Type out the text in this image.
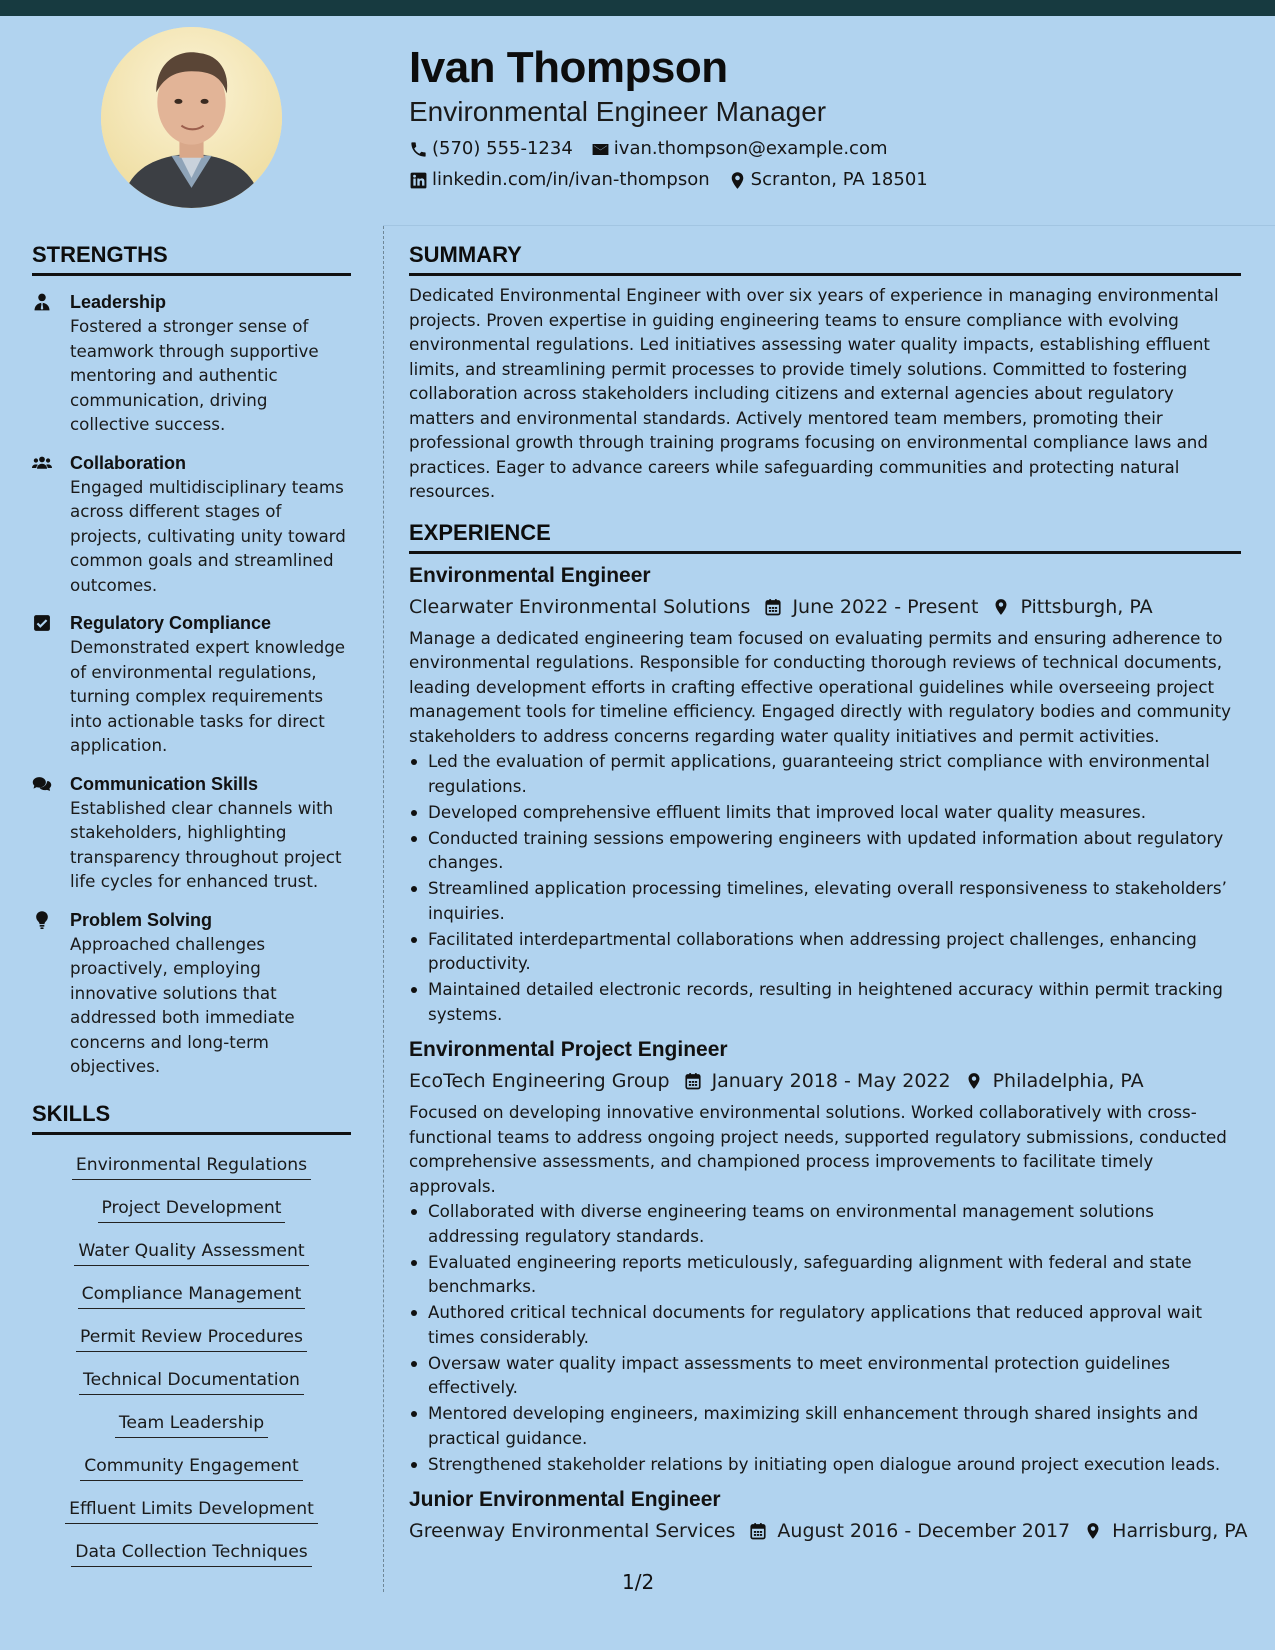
Ivan Thompson
Environmental Engineer Manager
(570) 555-1234 ivan.thompson@example.com
linkedin.com/in/ivan-thompson Scranton, PA 18501
STRENGTHS
Leadership
Fostered a stronger sense of teamwork through supportive mentoring and authentic communication, driving collective success.
Collaboration
Engaged multidisciplinary teams across different stages of projects, cultivating unity toward common goals and streamlined outcomes.
Regulatory Compliance
Demonstrated expert knowledge of environmental regulations, turning complex requirements into actionable tasks for direct application.
Communication Skills
Established clear channels with stakeholders, highlighting transparency throughout project life cycles for enhanced trust.
Problem Solving
Approached challenges proactively, employing innovative solutions that addressed both immediate concerns and long-term objectives.
SKILLS
Environmental Regulations
Project Development
Water Quality Assessment
Compliance Management
Permit Review Procedures
Technical Documentation
Team Leadership
Community Engagement
Effluent Limits Development
Data Collection Techniques
SUMMARY
Dedicated Environmental Engineer with over six years of experience in managing environmental projects. Proven expertise in guiding engineering teams to ensure compliance with evolving environmental regulations. Led initiatives assessing water quality impacts, establishing effluent limits, and streamlining permit processes to provide timely solutions. Committed to fostering collaboration across stakeholders including citizens and external agencies about regulatory matters and environmental standards. Actively mentored team members, promoting their professional growth through training programs focusing on environmental compliance laws and practices. Eager to advance careers while safeguarding communities and protecting natural resources.
EXPERIENCE
Environmental Engineer
Clearwater Environmental Solutions June 2022 - Present Pittsburgh, PA
Manage a dedicated engineering team focused on evaluating permits and ensuring adherence to environmental regulations. Responsible for conducting thorough reviews of technical documents, leading development efforts in crafting effective operational guidelines while overseeing project management tools for timeline efficiency. Engaged directly with regulatory bodies and community stakeholders to address concerns regarding water quality initiatives and permit activities.
Led the evaluation of permit applications, guaranteeing strict compliance with environmental regulations.
Developed comprehensive effluent limits that improved local water quality measures.
Conducted training sessions empowering engineers with updated information about regulatory changes.
Streamlined application processing timelines, elevating overall responsiveness to stakeholders’ inquiries.
Facilitated interdepartmental collaborations when addressing project challenges, enhancing productivity.
Maintained detailed electronic records, resulting in heightened accuracy within permit tracking systems.
Environmental Project Engineer
EcoTech Engineering Group January 2018 - May 2022 Philadelphia, PA
Focused on developing innovative environmental solutions. Worked collaboratively with cross-functional teams to address ongoing project needs, supported regulatory submissions, conducted comprehensive assessments, and championed process improvements to facilitate timely approvals.
Collaborated with diverse engineering teams on environmental management solutions addressing regulatory standards.
Evaluated engineering reports meticulously, safeguarding alignment with federal and state benchmarks.
Authored critical technical documents for regulatory applications that reduced approval wait times considerably.
Oversaw water quality impact assessments to meet environmental protection guidelines effectively.
Mentored developing engineers, maximizing skill enhancement through shared insights and practical guidance.
Strengthened stakeholder relations by initiating open dialogue around project execution leads.
Junior Environmental Engineer
Greenway Environmental Services August 2016 - December 2017 Harrisburg, PA
1/2
